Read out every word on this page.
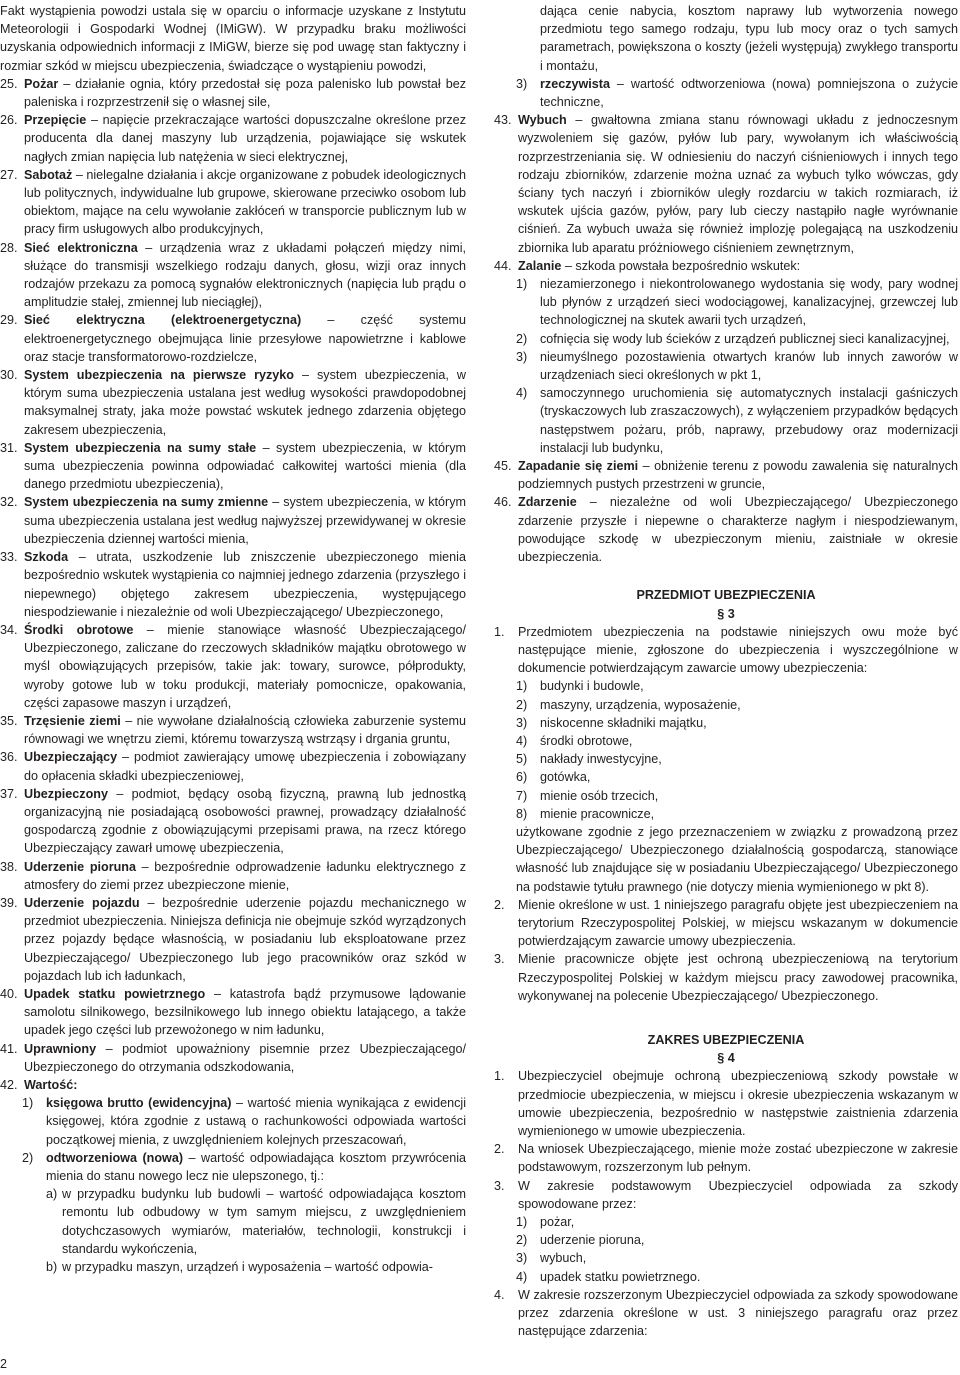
Fakt wystąpienia powodzi ustala się w oparciu o informacje uzyskane z Instytutu Meteorologii i Gospodarki Wodnej (IMiGW). W przypadku braku możliwości uzyskania odpowiednich informacji z IMiGW, bierze się pod uwagę stan faktyczny i rozmiar szkód w miejscu ubezpieczenia, świadczące o wystąpieniu powodzi,

25. Pożar – działanie ognia, który przedostał się poza palenisko lub powstał bez paleniska i rozprzestrzenił się o własnej sile,
26. Przepięcie – napięcie przekraczające wartości dopuszczalne określone przez producenta dla danej maszyny lub urządzenia, pojawiające się wskutek nagłych zmian napięcia lub natężenia w sieci elektrycznej,
27. Sabotaż – nielegalne działania i akcje organizowane z pobudek ideologicznych lub politycznych, indywidualne lub grupowe, skierowane przeciwko osobom lub obiektom, mające na celu wywołanie zakłóceń w transporcie publicznym lub w pracy firm usługowych albo produkcyjnych,
28. Sieć elektroniczna – urządzenia wraz z układami połączeń między nimi, służące do transmisji wszelkiego rodzaju danych, głosu, wizji oraz innych rodzajów przekazu za pomocą sygnałów elektronicznych (napięcia lub prądu o amplitudzie stałej, zmiennej lub nieciągłej),
29. Sieć elektryczna (elektroenergetyczna) – część systemu elektroenergetycznego obejmująca linie przesyłowe napowietrzne i kablowe oraz stacje transformatorowo-rozdzielcze,
30. System ubezpieczenia na pierwsze ryzyko – system ubezpieczenia, w którym suma ubezpieczenia ustalana jest według wysokości prawdopodobnej maksymalnej straty, jaka może powstać wskutek jednego zdarzenia objętego zakresem ubezpieczenia,
31. System ubezpieczenia na sumy stałe – system ubezpieczenia, w którym suma ubezpieczenia powinna odpowiadać całkowitej wartości mienia (dla danego przedmiotu ubezpieczenia),
32. System ubezpieczenia na sumy zmienne – system ubezpieczenia, w którym suma ubezpieczenia ustalana jest według najwyższej przewidywanej w okresie ubezpieczenia dziennej wartości mienia,
33. Szkoda – utrata, uszkodzenie lub zniszczenie ubezpieczonego mienia bezpośrednio wskutek wystąpienia co najmniej jednego zdarzenia (przyszłego i niepewnego) objętego zakresem ubezpieczenia, występującego niespodziewanie i niezależnie od woli Ubezpieczającego/ Ubezpieczonego,
34. Środki obrotowe – mienie stanowiące własność Ubezpieczającego/ Ubezpieczonego, zaliczane do rzeczowych składników majątku obrotowego w myśl obowiązujących przepisów, takie jak: towary, surowce, półprodukty, wyroby gotowe lub w toku produkcji, materiały pomocnicze, opakowania, części zapasowe maszyn i urządzeń,
35. Trzęsienie ziemi – nie wywołane działalnością człowieka zaburzenie systemu równowagi we wnętrzu ziemi, któremu towarzyszą wstrząsy i drgania gruntu,
36. Ubezpieczający – podmiot zawierający umowę ubezpieczenia i zobowiązany do opłacenia składki ubezpieczeniowej,
37. Ubezpieczony – podmiot, będący osobą fizyczną, prawną lub jednostką organizacyjną nie posiadającą osobowości prawnej, prowadzący działalność gospodarczą zgodnie z obowiązującymi przepisami prawa, na rzecz którego Ubezpieczający zawarł umowę ubezpieczenia,
38. Uderzenie pioruna – bezpośrednie odprowadzenie ładunku elektrycznego z atmosfery do ziemi przez ubezpieczone mienie,
39. Uderzenie pojazdu – bezpośrednie uderzenie pojazdu mechanicznego w przedmiot ubezpieczenia. Niniejsza definicja nie obejmuje szkód wyrządzonych przez pojazdy będące własnością, w posiadaniu lub eksploatowane przez Ubezpieczającego/ Ubezpieczonego lub jego pracowników oraz szkód w pojazdach lub ich ładunkach,
40. Upadek statku powietrznego – katastrofa bądź przymusowe lądowanie samolotu silnikowego, bezsilnikowego lub innego obiektu latającego, a także upadek jego części lub przewożonego w nim ładunku,
41. Uprawniony – podmiot upoważniony pisemnie przez Ubezpieczającego/ Ubezpieczonego do otrzymania odszkodowania,
42. Wartość:
1) księgowa brutto (ewidencyjna) – wartość mienia wynikająca z ewidencji księgowej, która zgodnie z ustawą o rachunkowości odpowiada wartości początkowej mienia, z uwzględnieniem kolejnych przeszacowań,
2) odtworzeniowa (nowa) – wartość odpowiadająca kosztom przywrócenia mienia do stanu nowego lecz nie ulepszonego, tj.:
a) w przypadku budynku lub budowli – wartość odpowiadająca kosztom remontu lub odbudowy w tym samym miejscu, z uwzględnieniem dotychczasowych wymiarów, materiałów, technologii, konstrukcji i standardu wykończenia,
b) w przypadku maszyn, urządzeń i wyposażenia – wartość odpowia-

dająca cenie nabycia, kosztom naprawy lub wytworzenia nowego przedmiotu tego samego rodzaju, typu lub mocy oraz o tych samych parametrach, powiększona o koszty (jeżeli występują) zwykłego transportu i montażu,

3) rzeczywista – wartość odtworzeniowa (nowa) pomniejszona o zużycie techniczne,
43. Wybuch – gwałtowna zmiana stanu równowagi układu z jednoczesnym wyzwoleniem się gazów, pyłów lub pary, wywołanym ich właściwością rozprzestrzeniania się. W odniesieniu do naczyń ciśnieniowych i innych tego rodzaju zbiorników, zdarzenie można uznać za wybuch tylko wówczas, gdy ściany tych naczyń i zbiorników uległy rozdarciu w takich rozmiarach, iż wskutek ujścia gazów, pyłów, pary lub cieczy nastąpiło nagłe wyrównanie ciśnień. Za wybuch uważa się również implozję polegającą na uszkodzeniu zbiornika lub aparatu próżniowego ciśnieniem zewnętrznym,
44. Zalanie – szkoda powstała bezpośrednio wskutek:
1) niezamierzonego i niekontrolowanego wydostania się wody, pary wodnej lub płynów z urządzeń sieci wodociągowej, kanalizacyjnej, grzewczej lub technologicznej na skutek awarii tych urządzeń,
2) cofnięcia się wody lub ścieków z urządzeń publicznej sieci kanalizacyjnej,
3) nieumyślnego pozostawienia otwartych kranów lub innych zaworów w urządzeniach sieci określonych w pkt 1,
4) samoczynnego uruchomienia się automatycznych instalacji gaśniczych (tryskaczowych lub zraszaczowych), z wyłączeniem przypadków będących następstwem pożaru, prób, naprawy, przebudowy oraz modernizacji instalacji lub budynku,
45. Zapadanie się ziemi – obniżenie terenu z powodu zawalenia się naturalnych podziemnych pustych przestrzeni w gruncie,
46. Zdarzenie – niezależne od woli Ubezpieczającego/ Ubezpieczonego zdarzenie przyszłe i niepewne o charakterze nagłym i niespodziewanym, powodujące szkodę w ubezpieczonym mieniu, zaistniałe w okresie ubezpieczenia.

PRZEDMIOT UBEZPIECZENIA

§ 3

1. Przedmiotem ubezpieczenia na podstawie niniejszych owu może być następujące mienie, zgłoszone do ubezpieczenia i wyszczególnione w dokumencie potwierdzającym zawarcie umowy ubezpieczenia:
1) budynki i budowle,
2) maszyny, urządzenia, wyposażenie,
3) niskocenne składniki majątku,
4) środki obrotowe,
5) nakłady inwestycyjne,
6) gotówka,
7) mienie osób trzecich,
8) mienie pracownicze,

użytkowane zgodnie z jego przeznaczeniem w związku z prowadzoną przez Ubezpieczającego/ Ubezpieczonego działalnością gospodarczą, stanowiące własność lub znajdujące się w posiadaniu Ubezpieczającego/ Ubezpieczonego na podstawie tytułu prawnego (nie dotyczy mienia wymienionego w pkt 8).

2. Mienie określone w ust. 1 niniejszego paragrafu objęte jest ubezpieczeniem na terytorium Rzeczypospolitej Polskiej, w miejscu wskazanym w dokumencie potwierdzającym zawarcie umowy ubezpieczenia.
3. Mienie pracownicze objęte jest ochroną ubezpieczeniową na terytorium Rzeczypospolitej Polskiej w każdym miejscu pracy zawodowej pracownika, wykonywanej na polecenie Ubezpieczającego/ Ubezpieczonego.

ZAKRES UBEZPIECZENIA

§ 4

1. Ubezpieczyciel obejmuje ochroną ubezpieczeniową szkody powstałe w przedmiocie ubezpieczenia, w miejscu i okresie ubezpieczenia wskazanym w umowie ubezpieczenia, bezpośrednio w następstwie zaistnienia zdarzenia wymienionego w umowie ubezpieczenia.
2. Na wniosek Ubezpieczającego, mienie może zostać ubezpieczone w zakresie podstawowym, rozszerzonym lub pełnym.
3. W zakresie podstawowym Ubezpieczyciel odpowiada za szkody spowodowane przez:
1) pożar,
2) uderzenie pioruna,
3) wybuch,
4) upadek statku powietrznego.
4. W zakresie rozszerzonym Ubezpieczyciel odpowiada za szkody spowodowane przez zdarzenia określone w ust. 3 niniejszego paragrafu oraz przez następujące zdarzenia:
2
